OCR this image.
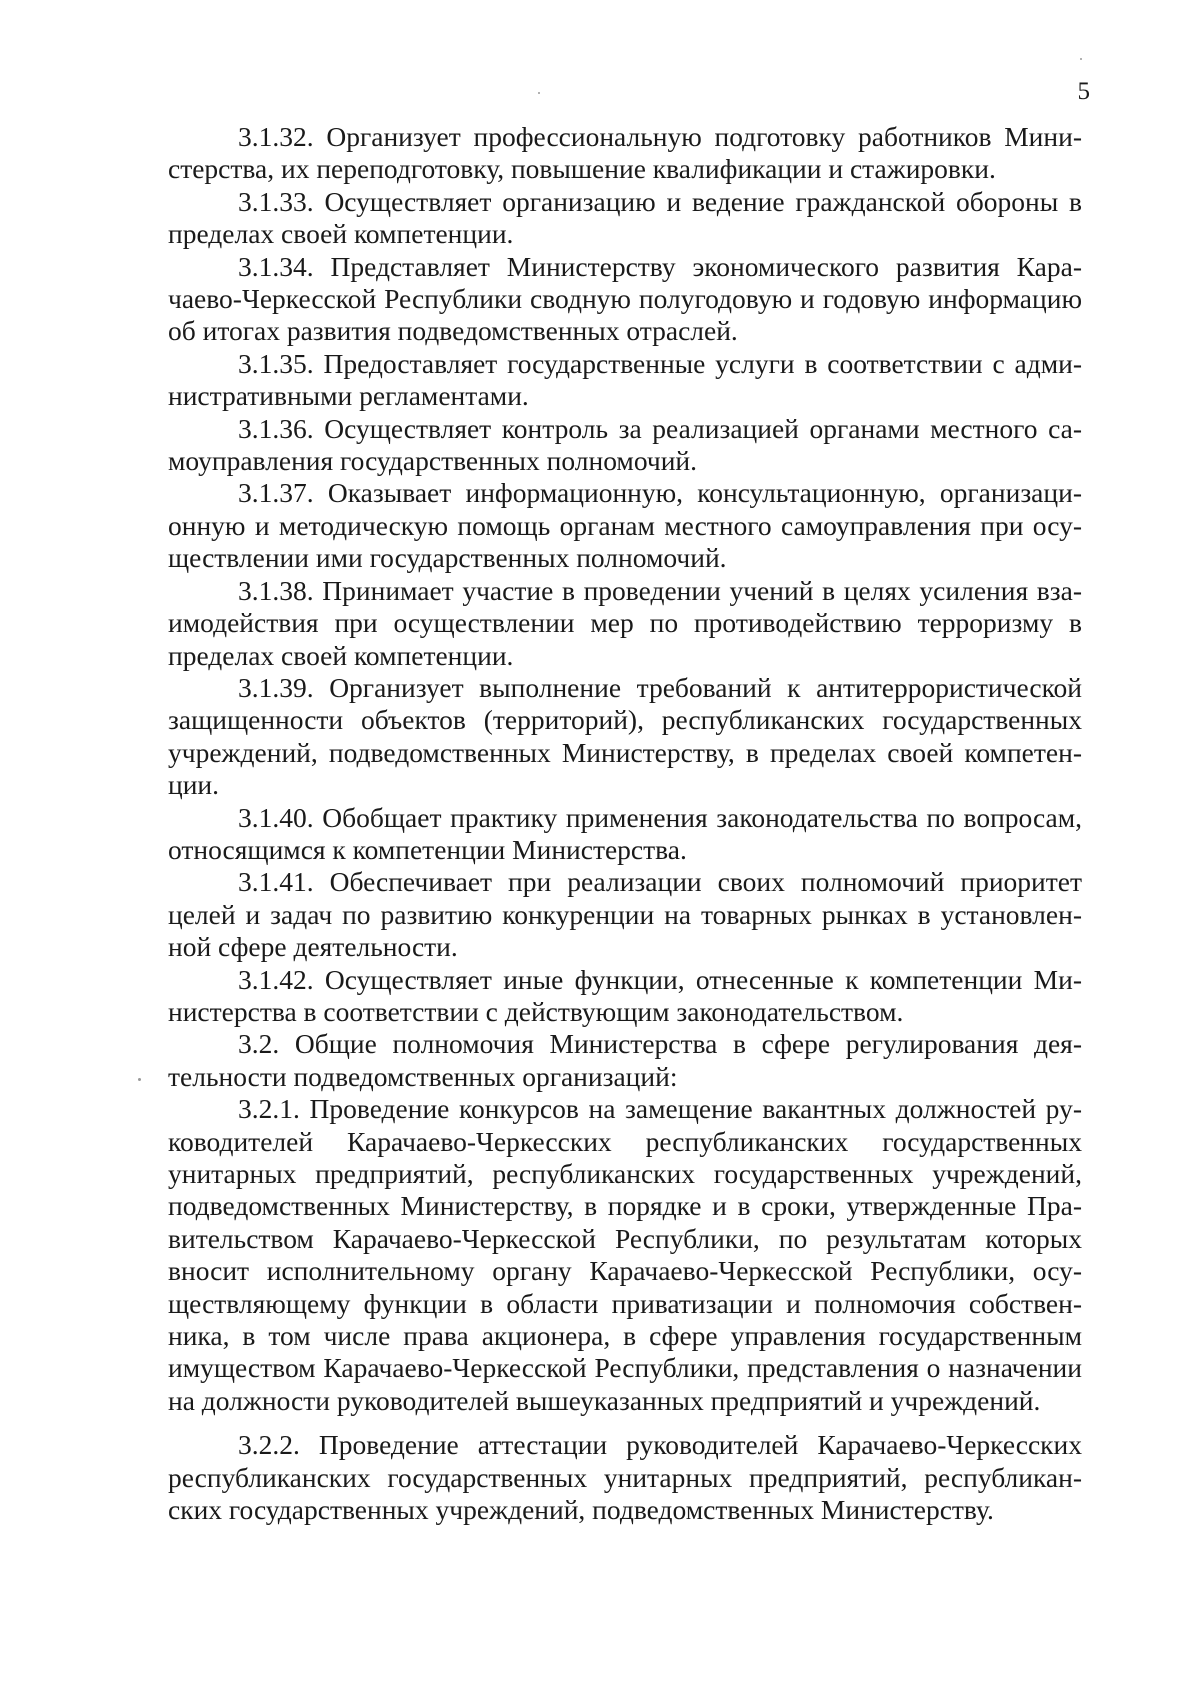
5

3.1.32. Организует профессиональную подготовку работников Министерства, их переподготовку, повышение квалификации и стажировки.

3.1.33. Осуществляет организацию и ведение гражданской обороны в пределах своей компетенции.

3.1.34. Представляет Министерству экономического развития Карачаево-Черкесской Республики сводную полугодовую и годовую информацию об итогах развития подведомственных отраслей.

3.1.35. Предоставляет государственные услуги в соответствии с административными регламентами.

3.1.36. Осуществляет контроль за реализацией органами местного самоуправления государственных полномочий.

3.1.37. Оказывает информационную, консультационную, организационную и методическую помощь органам местного самоуправления при осуществлении ими государственных полномочий.

3.1.38. Принимает участие в проведении учений в целях усиления взаимодействия при осуществлении мер по противодействию терроризму в пределах своей компетенции.

3.1.39. Организует выполнение требований к антитеррористической защищенности объектов (территорий), республиканских государственных учреждений, подведомственных Министерству, в пределах своей компетенции.

3.1.40. Обобщает практику применения законодательства по вопросам, относящимся к компетенции Министерства.

3.1.41. Обеспечивает при реализации своих полномочий приоритет целей и задач по развитию конкуренции на товарных рынках в установленной сфере деятельности.

3.1.42. Осуществляет иные функции, отнесенные к компетенции Министерства в соответствии с действующим законодательством.

3.2. Общие полномочия Министерства в сфере регулирования деятельности подведомственных организаций:

3.2.1. Проведение конкурсов на замещение вакантных должностей руководителей Карачаево-Черкесских республиканских государственных унитарных предприятий, республиканских государственных учреждений, подведомственных Министерству, в порядке и в сроки, утвержденные Правительством Карачаево-Черкесской Республики, по результатам которых вносит исполнительному органу Карачаево-Черкесской Республики, осуществляющему функции в области приватизации и полномочия собственника, в том числе права акционера, в сфере управления государственным имуществом Карачаево-Черкесской Республики, представления о назначении на должности руководителей вышеуказанных предприятий и учреждений.

3.2.2. Проведение аттестации руководителей Карачаево-Черкесских республиканских государственных унитарных предприятий, республиканских государственных учреждений, подведомственных Министерству.
